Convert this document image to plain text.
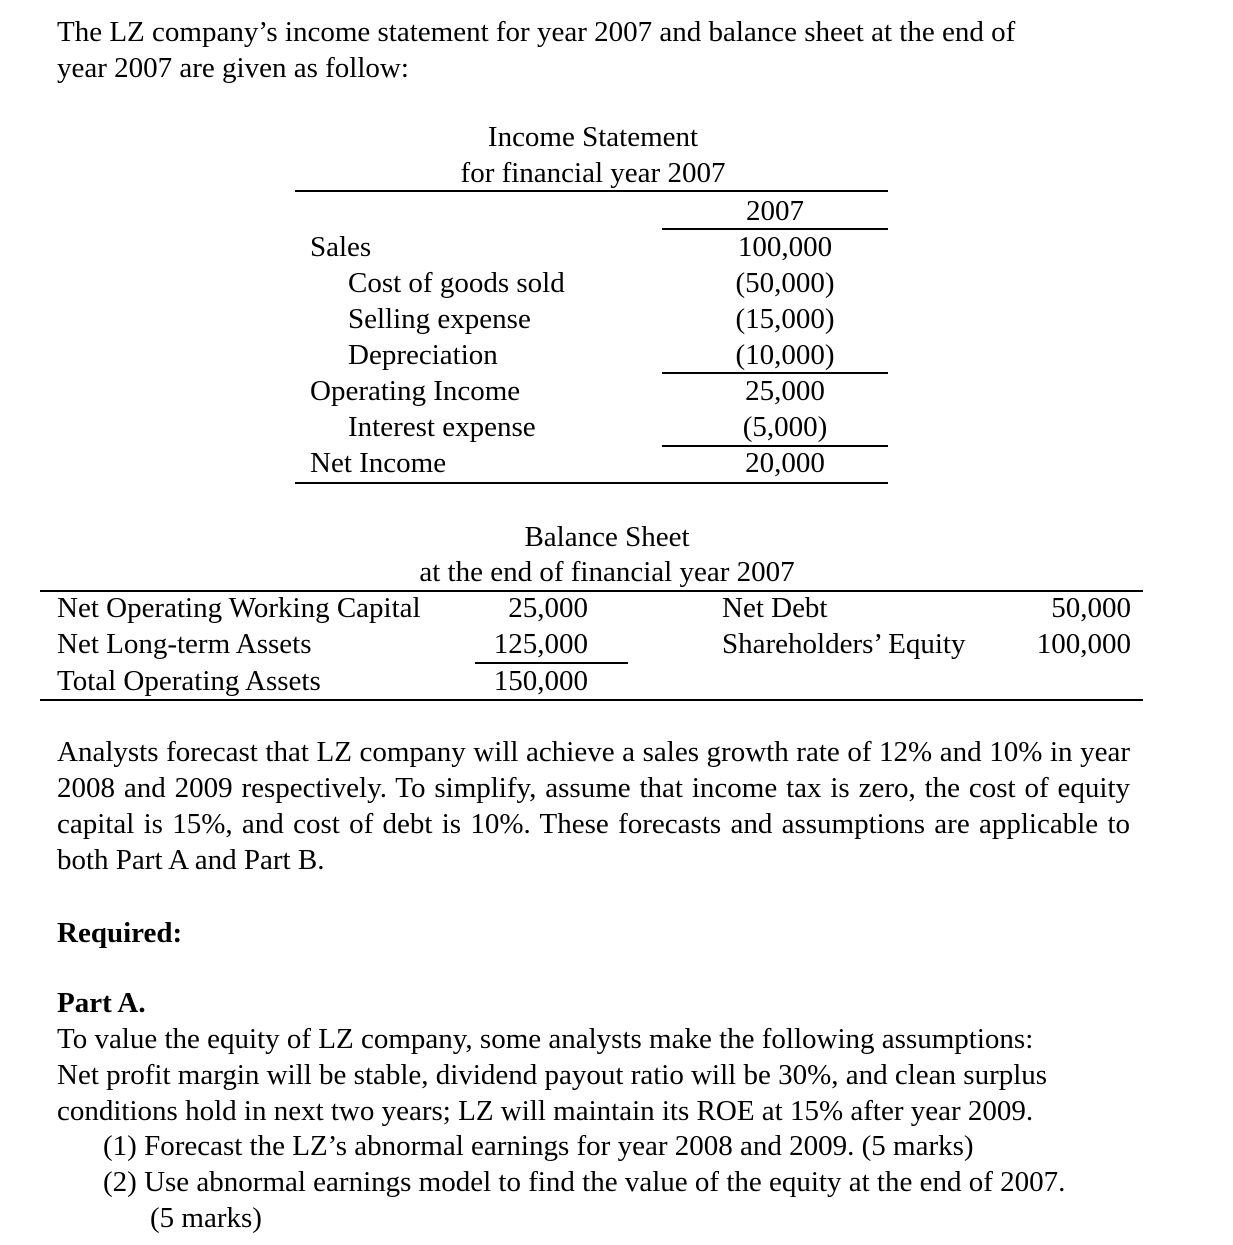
The LZ company’s income statement for year 2007 and balance sheet at the end of
year 2007 are given as follow:
Income Statement
for financial year 2007
2007
Sales
Cost of goods sold
Selling expense
Depreciation
Operating Income
Interest expense
Net Income
100,000
(50,000)
(15,000)
(10,000)
25,000
(5,000)
20,000
Balance Sheet
at the end of financial year 2007
Net Operating Working Capital
Net Long-term Assets
Total Operating Assets
25,000
125,000
150,000
Net Debt
Shareholders’ Equity
50,000
100,000
Analysts forecast that LZ company will achieve a sales growth rate of 12% and 10% in year 2008 and 2009 respectively. To simplify, assume that income tax is zero, the cost of equity capital is 15%, and cost of debt is 10%. These forecasts and assumptions are applicable to both Part A and Part B.
Required:
Part A.
To value the equity of LZ company, some analysts make the following assumptions:
Net profit margin will be stable, dividend payout ratio will be 30%, and clean surplus
conditions hold in next two years; LZ will maintain its ROE at 15% after year 2009.
(1) Forecast the LZ’s abnormal earnings for year 2008 and 2009. (5 marks)
(2) Use abnormal earnings model to find the value of the equity at the end of 2007.
(5 marks)
